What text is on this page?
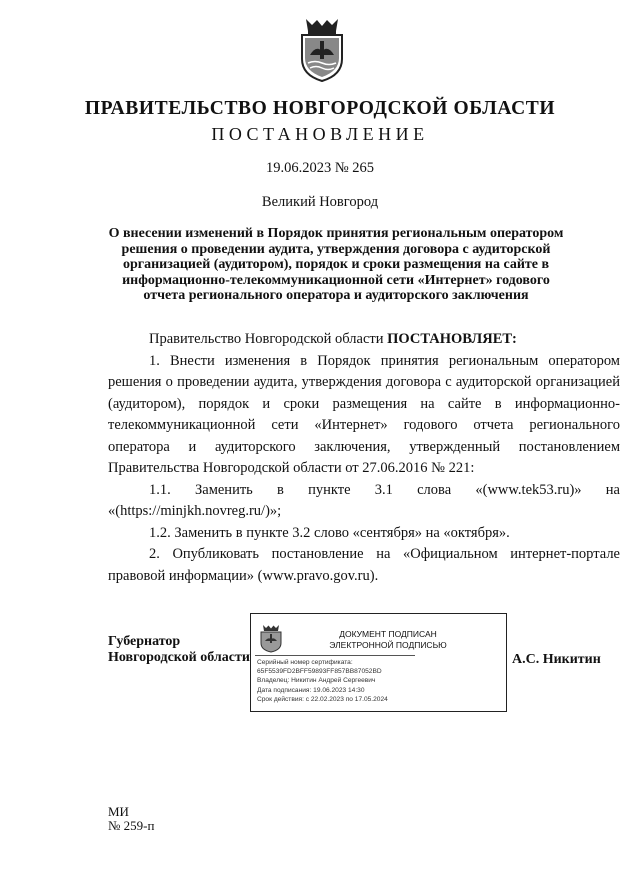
ПРАВИТЕЛЬСТВО НОВГОРОДСКОЙ ОБЛАСТИ
ПОСТАНОВЛЕНИЕ
19.06.2023 № 265
Великий Новгород
О внесении изменений в Порядок принятия региональным оператором решения о проведении аудита, утверждения договора с аудиторской организацией (аудитором), порядок и сроки размещения на сайте в информационно-телекоммуникационной сети «Интернет» годового отчета регионального оператора и аудиторского заключения

Правительство Новгородской области ПОСТАНОВЛЯЕТ:

1. Внести изменения в Порядок принятия региональным оператором решения о проведении аудита, утверждения договора с аудиторской организацией (аудитором), порядок и сроки размещения на сайте в информационно-телекоммуникационной сети «Интернет» годового отчета регионального оператора и аудиторского заключения, утвержденный постановлением Правительства Новгородской области от 27.06.2016 № 221:

1.1. Заменить в пункте 3.1 слова «(www.tek53.ru)» на

«(https://minjkh.novreg.ru/)»;

1.2. Заменить в пункте 3.2 слово «сентября» на «октября».

2. Опубликовать постановление на «Официальном интернет-портале правовой информации» (www.pravo.gov.ru).

Губернатор
Новгородской области
ДОКУМЕНТ ПОДПИСАН
ЭЛЕКТРОННОЙ ПОДПИСЬЮ
Серийный номер сертификата:
65F5539FD2BFF59893FF857BB87052BD
Владелец: Никитин Андрей Сергеевич
Дата подписания: 19.06.2023 14:30
Срок действия: с 22.02.2023 по 17.05.2024
А.С. Никитин
МИ
№ 259-п
